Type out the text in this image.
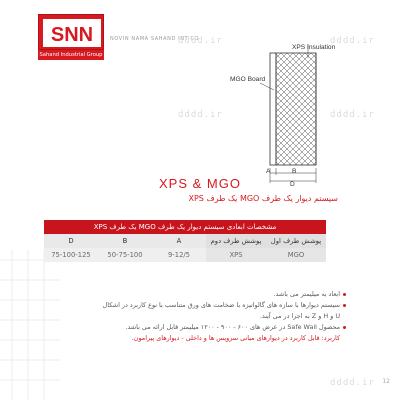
SNN
Sahand Industrial Group
NOVIN NAMA SAHAND INT CO
dddd.ir	dddd.ir
dddd.ir	dddd.ir
dddd.ir
XPS Insulation
MGO Board
A	B
D
XPS & MGO
سیستم دیوار یک طرف MGO یک طرف XPS
مشخصات ابعادی سیستم دیوار یک طرف MGO یک طرف XPS
D	B	A	پوشش طرف دوم	پوشش طرف اول
75-100-125	50-75-100	9-12/5	XPS	MGO
ابعاد به میلیمتر می باشد.
سیستم دیوارها با سازه های گالوانیزه با ضخامت های ورق متناسب با نوع کاربرد در اشکال
U و H و Z به اجرا در می آیند.
محصول Safe Wall در عرض های ۶۰۰ - ۹۰۰ - ۱۲۰۰ میلیمتر قابل ارائه می باشد.
کاربرد: قابل کاربرد در دیوارهای میانی سرویس ها و داخلی - دیوارهای پیرامون.
12
